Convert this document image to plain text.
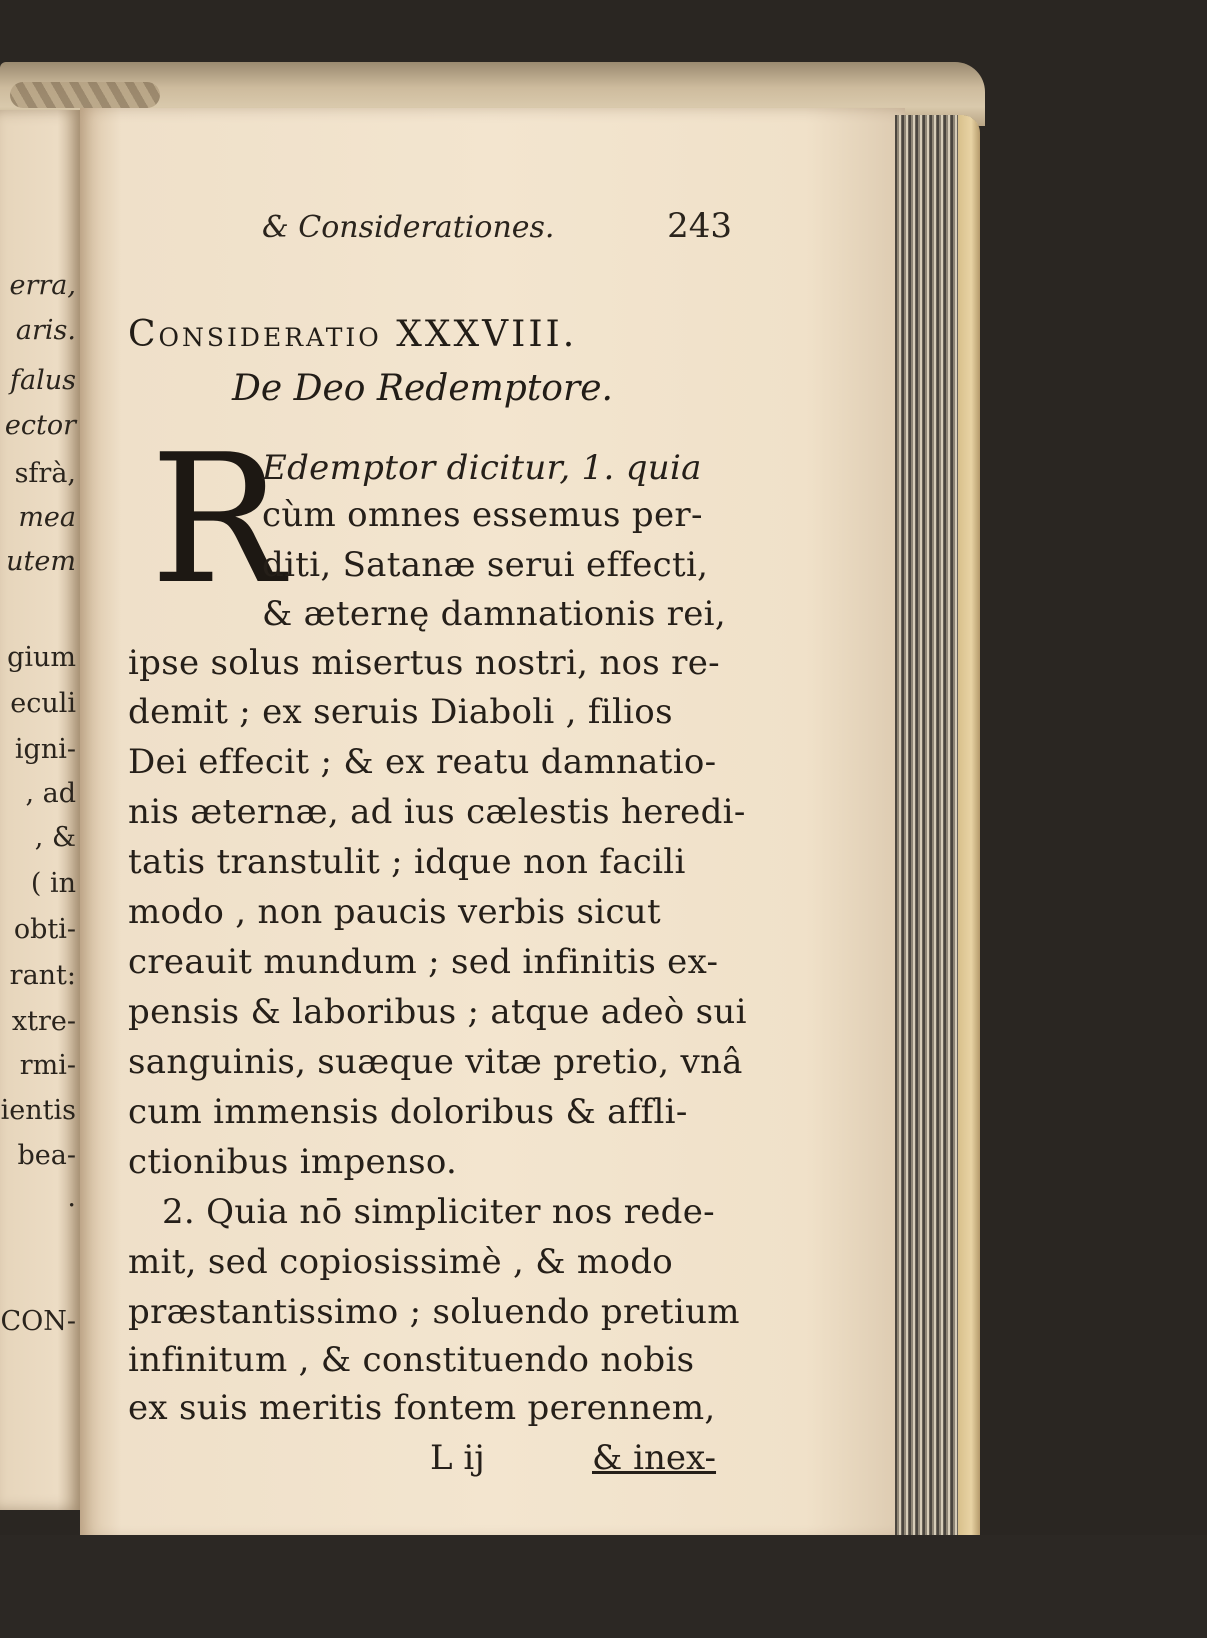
erra,
aris.
falus
ector
sfrà,
mea
utem
gium
eculi
igni-
, ad
, &
( in
obti-
rant:
xtre-
rmi-
ientis
bea-
.
CON-
& Considerationes.	243
Consideratio XXXVIII.
De Deo Redemptore.
R
Edemptor dicitur, 1. quia
cùm omnes essemus per-
diti, Satanæ serui effecti,
& æternę damnationis rei,
ipse solus misertus nostri, nos re-
demit ; ex seruis Diaboli , filios
Dei effecit ; & ex reatu damnatio-
nis æternæ, ad ius cælestis heredi-
tatis transtulit ; idque non facili
modo , non paucis verbis sicut
creauit mundum ; sed infinitis ex-
pensis & laboribus ; atque adeò sui
sanguinis, suæque vitæ pretio, vnâ
cum immensis doloribus & affli-
ctionibus impenso.
2. Quia nō simpliciter nos rede-
mit, sed copiosissimè , & modo
præstantissimo ; soluendo pretium
infinitum , & constituendo nobis
ex suis meritis fontem perennem,
L ij	& inex-
